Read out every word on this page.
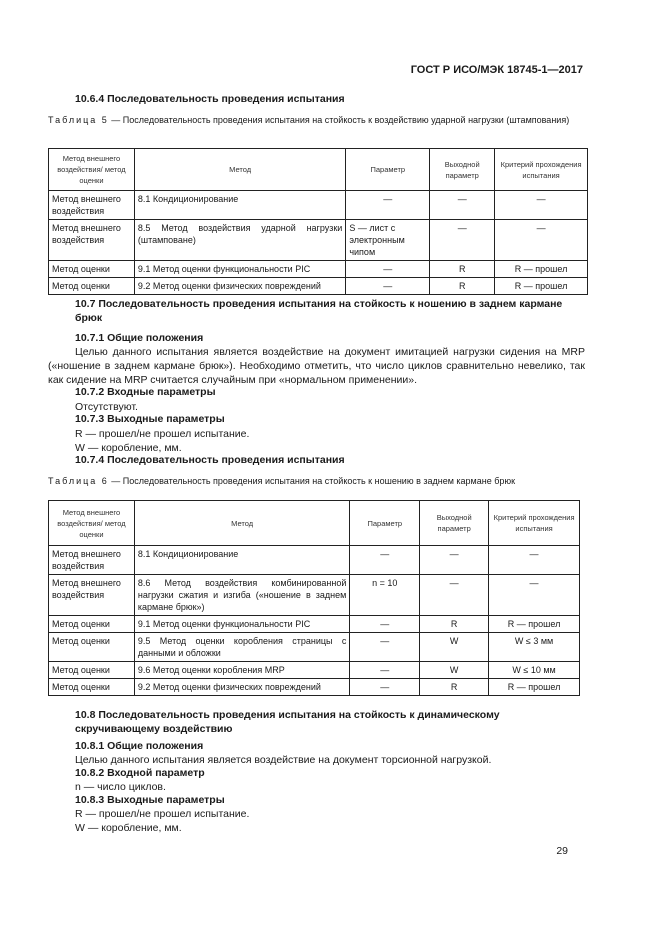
ГОСТ Р ИСО/МЭК 18745-1—2017
10.6.4 Последовательность проведения испытания
Таблица 5 — Последовательность проведения испытания на стойкость к воздействию ударной нагрузки (штампования)
Метод внешнего воздействия/ метод оценки	Метод	Параметр	Выходной параметр	Критерий прохождения испытания
Метод внешнего воздействия	8.1 Кондиционирование	—	—	—
Метод внешнего воздействия	8.5 Метод воздействия ударной нагрузки (штамповане)	S — лист с электронным чипом	—	—
Метод оценки	9.1 Метод оценки функциональности PIC	—	R	R — прошел
Метод оценки	9.2 Метод оценки физических повреждений	—	R	R — прошел
10.7 Последовательность проведения испытания на стойкость к ношению в заднем кармане брюк
10.7.1 Общие положения
Целью данного испытания является воздействие на документ имитацией нагрузки сидения на MRP («ношение в заднем кармане брюк»). Необходимо отметить, что число циклов сравнительно невелико, так как сидение на MRP считается случайным при «нормальном применении».
10.7.2 Входные параметры
Отсутствуют.
10.7.3 Выходные параметры
R — прошел/не прошел испытание.
W — коробление, мм.
10.7.4 Последовательность проведения испытания
Таблица 6 — Последовательность проведения испытания на стойкость к ношению в заднем кармане брюк
Метод внешнего воздействия/ метод оценки	Метод	Параметр	Выходной параметр	Критерий прохождения испытания
Метод внешнего воздействия	8.1 Кондиционирование	—	—	—
Метод внешнего воздействия	8.6 Метод воздействия комбинированной нагрузки сжатия и изгиба («ношение в заднем кармане брюк»)	n = 10	—	—
Метод оценки	9.1 Метод оценки функциональности PIC	—	R	R — прошел
Метод оценки	9.5 Метод оценки коробления страницы с данными и обложки	—	W	W ≤ 3 мм
Метод оценки	9.6 Метод оценки коробления MRP	—	W	W ≤ 10 мм
Метод оценки	9.2 Метод оценки физических повреждений	—	R	R — прошел
10.8 Последовательность проведения испытания на стойкость к динамическому скручивающему воздействию
10.8.1 Общие положения
Целью данного испытания является воздействие на документ торсионной нагрузкой.
10.8.2 Входной параметр
n — число циклов.
10.8.3 Выходные параметры
R — прошел/не прошел испытание.
W — коробление, мм.
29
